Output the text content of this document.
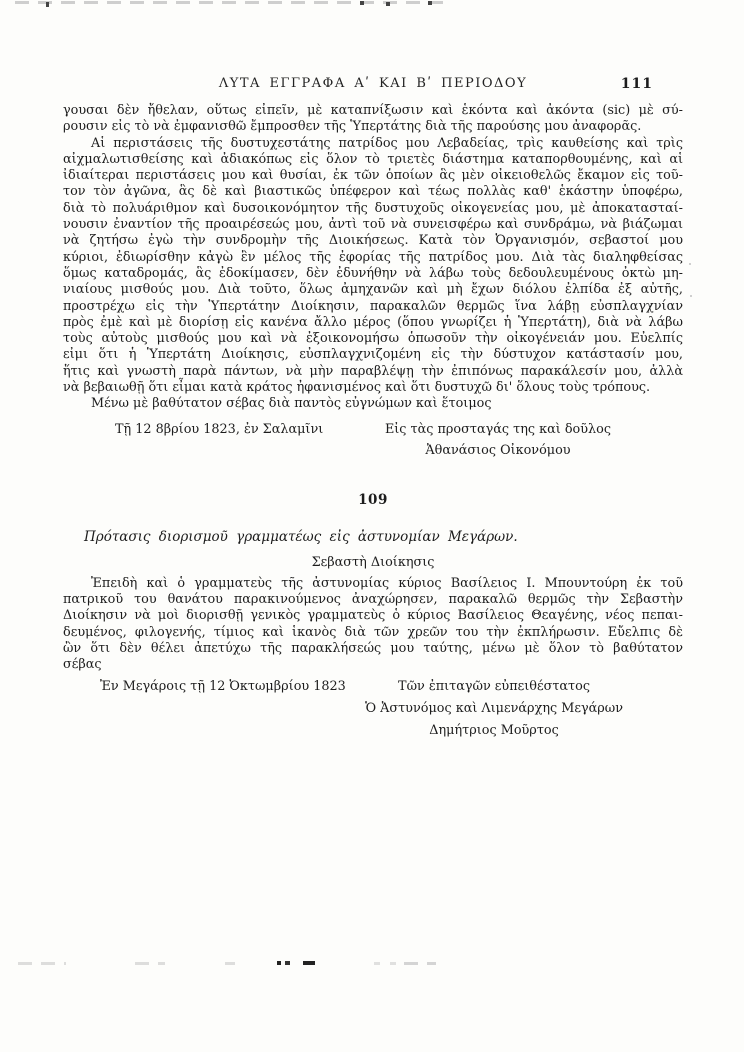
ΛΥΤΑ ΕΓΓΡΑΦΑ Αʹ ΚΑΙ Βʹ ΠΕΡΙΟΔΟΥ	111
γουσαι δὲν ἤθελαν, οὕτως εἰπεῖν, μὲ καταπνίξωσιν καὶ ἑκόντα καὶ ἀκόντα (sic) μὲ σύ-
ρουσιν εἰς τὸ νὰ ἐμφανισθῶ ἔμπροσθεν τῆς Ὑπερτάτης διὰ τῆς παρούσης μου ἀναφορᾶς.
Αἱ περιστάσεις τῆς δυστυχεστάτης πατρίδος μου Λεβαδείας, τρὶς καυθείσης καὶ τρὶς
αἰχμαλωτισθείσης καὶ ἀδιακόπως εἰς ὅλον τὸ τριετὲς διάστημα καταπορθουμένης, καὶ αἱ
ἰδιαίτεραι περιστάσεις μου καὶ θυσίαι, ἐκ τῶν ὁποίων ἃς μὲν οἰκειοθελῶς ἔκαμον εἰς τοῦ-
τον τὸν ἀγῶνα, ἃς δὲ καὶ βιαστικῶς ὑπέφερον καὶ τέως πολλὰς καθ' ἑκάστην ὑποφέρω,
διὰ τὸ πολυάριθμον καὶ δυσοικονόμητον τῆς δυστυχοῦς οἰκογενείας μου, μὲ ἀποκατασταί-
νουσιν ἐναντίον τῆς προαιρέσεώς μου, ἀντὶ τοῦ νὰ συνεισφέρω καὶ συνδράμω, νὰ βιάζωμαι
νὰ ζητήσω ἐγὼ τὴν συνδρομὴν τῆς Διοικήσεως. Κατὰ τὸν Ὀργανισμόν, σεβαστοί μου
κύριοι, ἐδιωρίσθην κἀγὼ ἓν μέλος τῆς ἐφορίας τῆς πατρίδος μου. Διὰ τὰς διαληφθείσας
ὅμως καταδρομάς, ἃς ἐδοκίμασεν, δὲν ἐδυνήθην νὰ λάβω τοὺς δεδουλευμένους ὀκτὼ μη-
νιαίους μισθούς μου. Διὰ τοῦτο, ὅλως ἀμηχανῶν καὶ μὴ ἔχων διόλου ἐλπίδα ἐξ αὐτῆς,
προστρέχω εἰς τὴν Ὑπερτάτην Διοίκησιν, παρακαλῶν θερμῶς ἵνα λάβῃ εὐσπλαγχνίαν
πρὸς ἐμὲ καὶ μὲ διορίσῃ εἰς κανένα ἄλλο μέρος (ὅπου γνωρίζει ἡ Ὑπερτάτη), διὰ νὰ λάβω
τοὺς αὐτοὺς μισθούς μου καὶ νὰ ἐξοικονομήσω ὁπωσοῦν τὴν οἰκογένειάν μου. Εὐελπίς
εἰμι ὅτι ἡ Ὑπερτάτη Διοίκησις, εὐσπλαγχνιζομένη εἰς τὴν δύστυχον κατάστασίν μου,
ἥτις καὶ γνωστὴ παρὰ πάντων, νὰ μὴν παραβλέψῃ τὴν ἐπιπόνως παρακάλεσίν μου, ἀλλὰ
νὰ βεβαιωθῇ ὅτι εἶμαι κατὰ κράτος ἠφανισμένος καὶ ὅτι δυστυχῶ δι' ὅλους τοὺς τρόπους.
Μένω μὲ βαθύτατον σέβας διὰ παντὸς εὐγνώμων καὶ ἕτοιμος
Τῇ 12 8βρίου 1823, ἐν Σαλαμῖνι	Εἰς τὰς προσταγάς της καὶ δοῦλος
Ἀθανάσιος Οἰκονόμου
109
Πρότασις διορισμοῦ γραμματέως εἰς ἀστυνομίαν Μεγάρων.
Σεβαστὴ Διοίκησις
Ἐπειδὴ καὶ ὁ γραμματεὺς τῆς ἀστυνομίας κύριος Βασίλειος Ι. Μπουντούρη ἐκ τοῦ
πατρικοῦ του θανάτου παρακινούμενος ἀναχώρησεν, παρακαλῶ θερμῶς τὴν Σεβαστὴν
Διοίκησιν νὰ μοὶ διορισθῇ γενικὸς γραμματεὺς ὁ κύριος Βασίλειος Θεαγένης, νέος πεπαι-
δευμένος, φιλογενής, τίμιος καὶ ἱκανὸς διὰ τῶν χρεῶν του τὴν ἐκπλήρωσιν. Εὔελπις δὲ
ὢν ὅτι δὲν θέλει ἀπετύχω τῆς παρακλήσεώς μου ταύτης, μένω μὲ ὅλον τὸ βαθύτατον
σέβας
Ἐν Μεγάροις τῇ 12 Ὀκτωμβρίου 1823	Τῶν ἐπιταγῶν εὐπειθέστατος
Ὁ Ἀστυνόμος καὶ Λιμενάρχης Μεγάρων
Δημήτριος Μοῦρτος
